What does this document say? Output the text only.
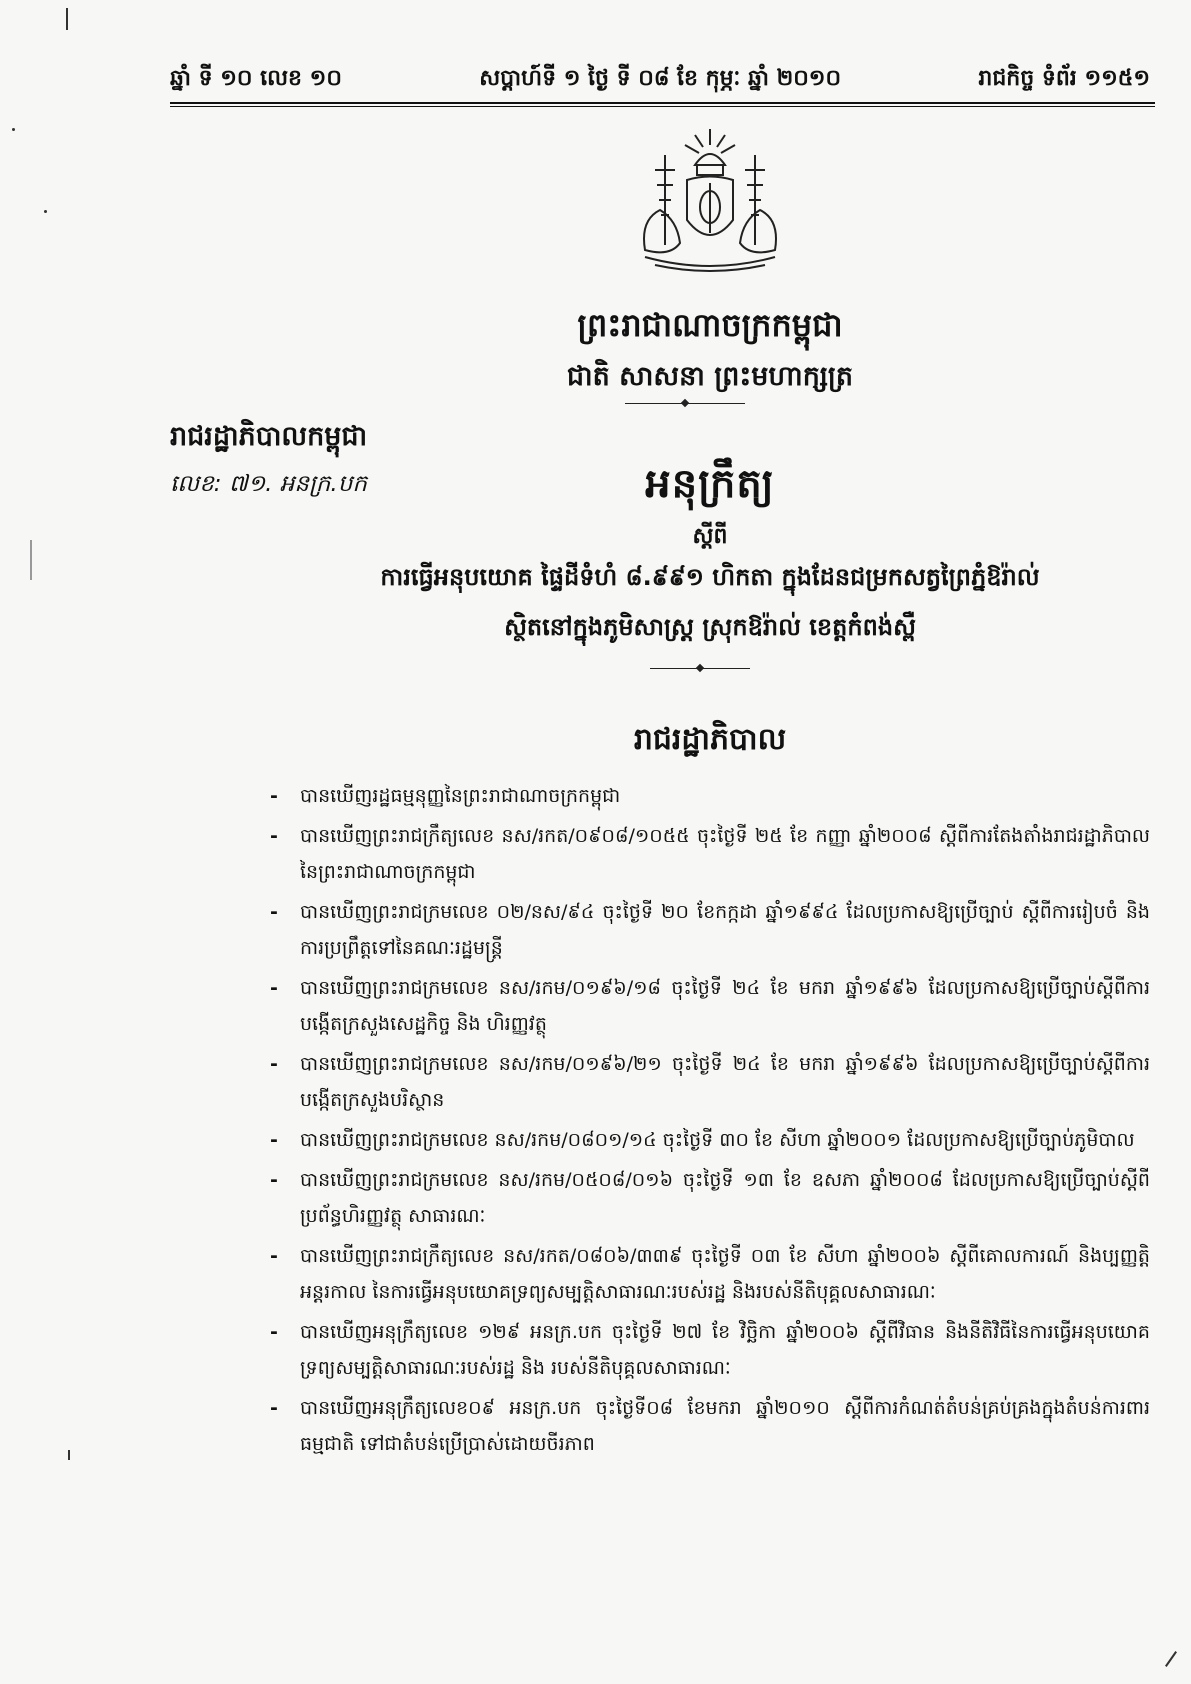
ឆ្នាំ ទី ១០ លេខ ១០	សប្ដាហ៍ទី ១ ថ្ងៃ ទី ០៨ ខែ កុម្ភៈ ឆ្នាំ ២០១០	រាជកិច្ច ទំព័រ ១១៥១
ព្រះរាជាណាចក្រកម្ពុជា
ជាតិ សាសនា ព្រះមហាក្សត្រ
រាជរដ្ឋាភិបាលកម្ពុជា
លេខ: ៧១. អនក្រ.បក	អនុក្រឹត្យ
ស្តីពី
ការធ្វើអនុបយោគ ផ្ទៃដីទំហំ ៨.៩៩១ ហិកតា ក្នុងដែនជម្រកសត្វព្រៃភ្នំឱរ៉ាល់
ស្ថិតនៅក្នុងភូមិសាស្ត្រ ស្រុកឱរ៉ាល់ ខេត្តកំពង់ស្ពឺ
រាជរដ្ឋាភិបាល
- បានឃើញរដ្ឋធម្មនុញ្ញនៃព្រះរាជាណាចក្រកម្ពុជា
- បានឃើញព្រះរាជក្រឹត្យលេខ នស/រកត/០៩០៨/១០៥៥ ចុះថ្ងៃទី ២៥ ខែ កញ្ញា ឆ្នាំ២០០៨ ស្ដីពីការតែងតាំងរាជរដ្ឋាភិបាល នៃព្រះរាជាណាចក្រកម្ពុជា
- បានឃើញព្រះរាជក្រមលេខ ០២/នស/៩៤ ចុះថ្ងៃទី ២០ ខែកក្កដា ឆ្នាំ១៩៩៤ ដែលប្រកាសឱ្យប្រើច្បាប់ ស្ដីពីការរៀបចំ និង ការប្រព្រឹត្តទៅនៃគណៈរដ្ឋមន្ត្រី
- បានឃើញព្រះរាជក្រមលេខ នស/រកម/០១៩៦/១៨ ចុះថ្ងៃទី ២៤ ខែ មករា ឆ្នាំ១៩៩៦ ដែលប្រកាសឱ្យប្រើច្បាប់ស្ដីពីការបង្កើតក្រសួងសេដ្ឋកិច្ច និង ហិរញ្ញវត្ថុ
- បានឃើញព្រះរាជក្រមលេខ នស/រកម/០១៩៦/២១ ចុះថ្ងៃទី ២៤ ខែ មករា ឆ្នាំ១៩៩៦ ដែលប្រកាសឱ្យប្រើច្បាប់ស្ដីពីការបង្កើតក្រសួងបរិស្ថាន
- បានឃើញព្រះរាជក្រមលេខ នស/រកម/០៨០១/១៤ ចុះថ្ងៃទី ៣០ ខែ សីហា ឆ្នាំ២០០១ ដែលប្រកាសឱ្យប្រើច្បាប់ភូមិបាល
- បានឃើញព្រះរាជក្រមលេខ នស/រកម/០៥០៨/០១៦ ចុះថ្ងៃទី ១៣ ខែ ឧសភា ឆ្នាំ២០០៨ ដែលប្រកាសឱ្យប្រើច្បាប់ស្ដីពីប្រព័ន្ធហិរញ្ញវត្ថុ សាធារណៈ
- បានឃើញព្រះរាជក្រឹត្យលេខ នស/រកត/០៨០៦/៣៣៩ ចុះថ្ងៃទី ០៣ ខែ សីហា ឆ្នាំ២០០៦ ស្ដីពីគោលការណ៍ និងប្បញ្ញត្តិអន្តរកាល នៃការធ្វើអនុបយោគទ្រព្យសម្បត្តិសាធារណៈរបស់រដ្ឋ និងរបស់នីតិបុគ្គលសាធារណៈ
- បានឃើញអនុក្រឹត្យលេខ ១២៩ អនក្រ.បក ចុះថ្ងៃទី ២៧ ខែ វិច្ឆិកា ឆ្នាំ២០០៦ ស្ដីពីវិធាន និងនីតិវិធីនៃការធ្វើអនុបយោគទ្រព្យសម្បត្តិសាធារណៈរបស់រដ្ឋ និង របស់នីតិបុគ្គលសាធារណៈ
- បានឃើញអនុក្រឹត្យលេខ០៩ អនក្រ.បក ចុះថ្ងៃទី០៨ ខែមករា ឆ្នាំ២០១០ ស្ដីពីការកំណត់តំបន់គ្រប់គ្រងក្នុងតំបន់ការពារធម្មជាតិ ទៅជាតំបន់ប្រើប្រាស់ដោយចីរភាព
